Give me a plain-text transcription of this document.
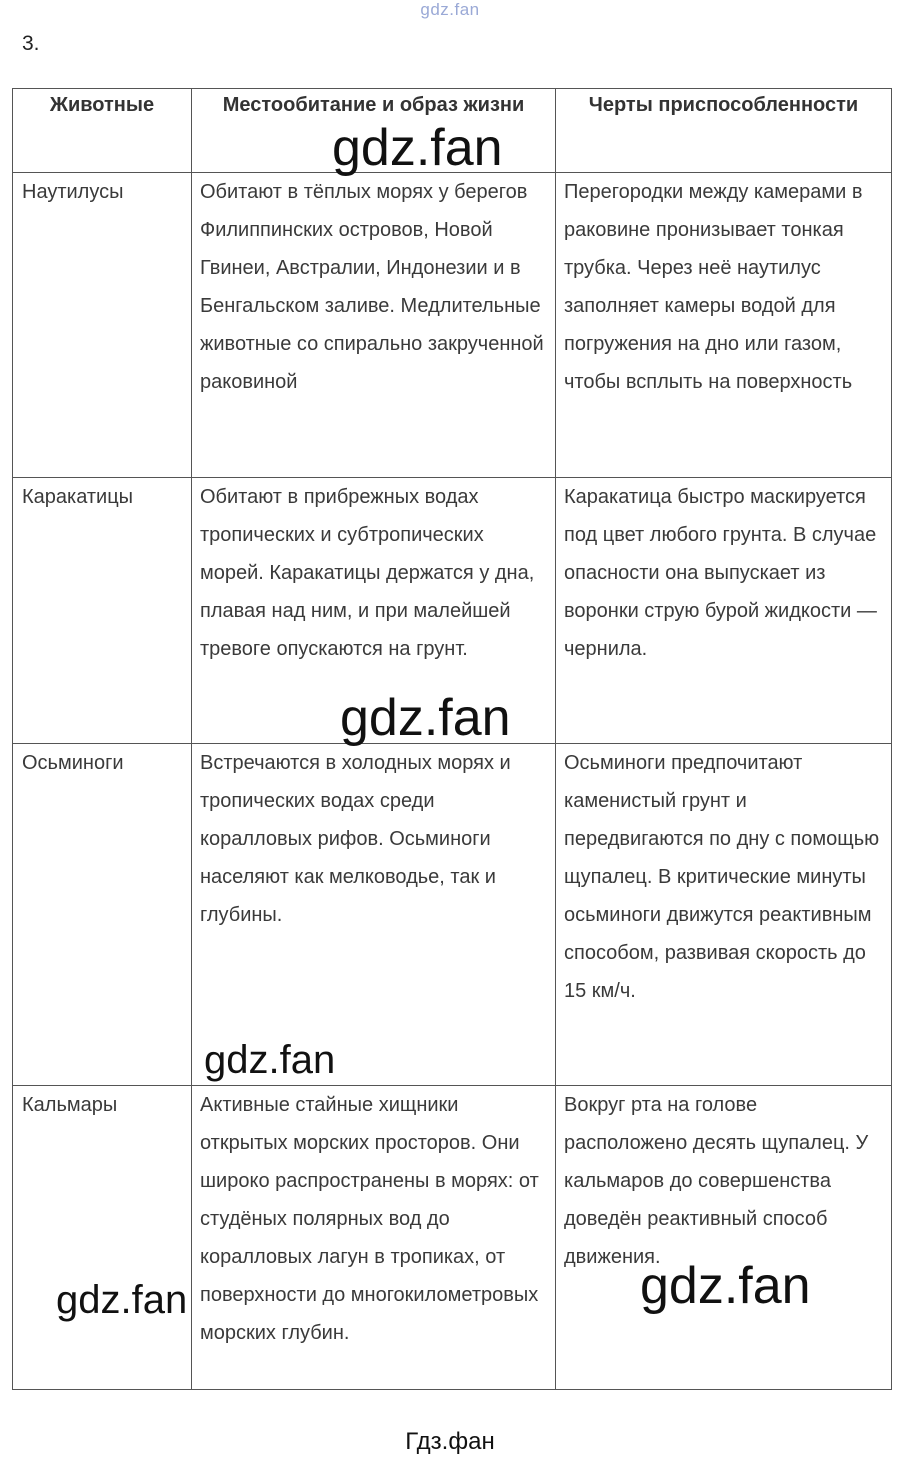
gdz.fan
3.
Животные	Местообитание и образ жизни	Черты приспособленности
Наутилусы	Обитают в тёплых морях у берегов Филиппинских островов, Новой Гвинеи, Австралии, Индонезии и в Бенгальском заливе. Медлительные животные со спирально закрученной раковиной	Перегородки между камерами в раковине пронизывает тонкая трубка. Через неё наутилус заполняет камеры водой для погружения на дно или газом, чтобы всплыть на поверхность
Каракатицы	Обитают в прибрежных водах тропических и субтропических морей. Каракатицы держатся у дна, плавая над ним, и при малейшей тревоге опускаются на грунт.	Каракатица быстро маскируется под цвет любого грунта. В случае опасности она выпускает из воронки струю бурой жидкости — чернила.
Осьминоги	Встречаются в холодных морях и тропических водах среди коралловых рифов. Осьминоги населяют как мелководье, так и глубины.	Осьминоги предпочитают каменистый грунт и передвигаются по дну с помощью щупалец. В критические минуты осьминоги движутся реактивным способом, развивая скорость до 15 км/ч.
Кальмары	Активные стайные хищники открытых морских просторов. Они широко распространены в морях: от студёных полярных вод до коралловых лагун в тропиках, от поверхности до многокилометровых морских глубин.	Вокруг рта на голове расположено десять щупалец. У кальмаров до совершенства доведён реактивный способ движения.
gdz.fan
gdz.fan
gdz.fan
gdz.fan	gdz.fan
Гдз.фан
